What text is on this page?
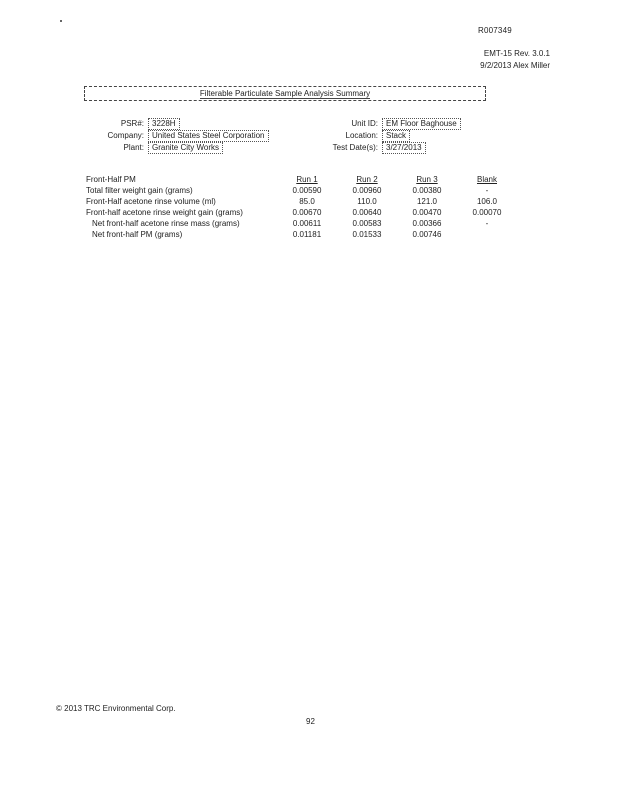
R007349
EMT-15 Rev. 3.0.1
9/2/2013 Alex Miller
Filterable Particulate Sample Analysis Summary
PSR#:	3228H
Company:	United States Steel Corporation
Plant:	Granite City Works
Unit ID:	EM Floor Baghouse
Location:	Stack
Test Date(s):	3/27/2013
Front-Half PM	Run 1	Run 2	Run 3	Blank
Total filter weight gain (grams)	0.00590	0.00960	0.00380	-
Front-Half acetone rinse volume (ml)	85.0	110.0	121.0	106.0
Front-half acetone rinse weight gain (grams)	0.00670	0.00640	0.00470	0.00070
Net front-half acetone rinse mass (grams)	0.00611	0.00583	0.00366	-
Net front-half PM (grams)	0.01181	0.01533	0.00746	
© 2013 TRC Environmental Corp.
92
